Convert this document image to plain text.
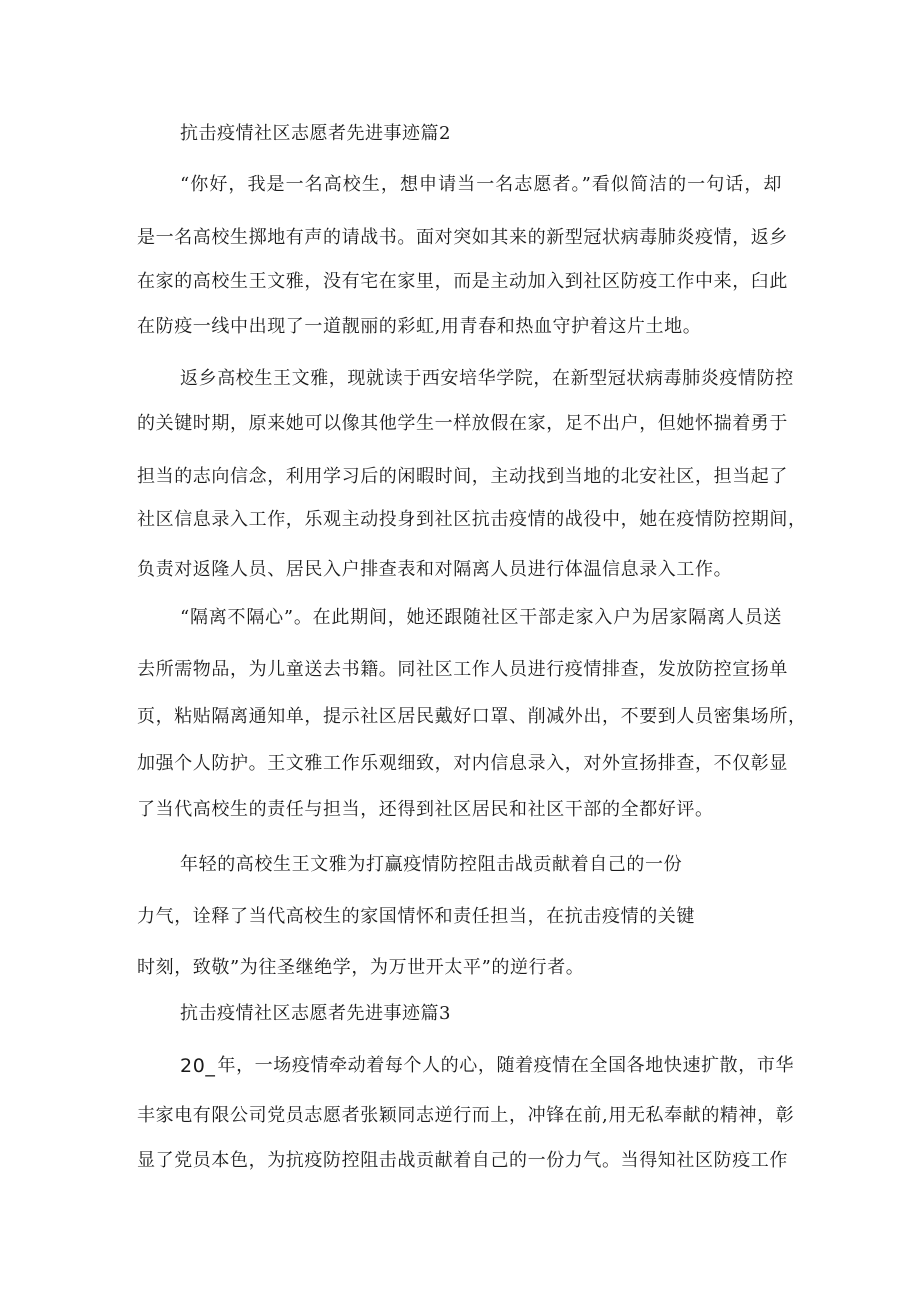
抗击疫情社区志愿者先进事迹篇2
“你好，我是一名高校生，想申请当一名志愿者。”看似简洁的一句话，却
是一名高校生掷地有声的请战书。面对突如其来的新型冠状病毒肺炎疫情，返乡
在家的高校生王文雅，没有宅在家里，而是主动加入到社区防疫工作中来，臼此
在防疫一线中出现了一道靓丽的彩虹,用青春和热血守护着这片土地。
返乡高校生王文雅，现就读于西安培华学院，在新型冠状病毒肺炎疫情防控
的关键时期，原来她可以像其他学生一样放假在家，足不出户，但她怀揣着勇于
担当的志向信念，利用学习后的闲暇时间，主动找到当地的北安社区，担当起了
社区信息录入工作，乐观主动投身到社区抗击疫情的战役中，她在疫情防控期间，
负责对返隆人员、居民入户排查表和对隔离人员进行体温信息录入工作。
“隔离不隔心”。在此期间，她还跟随社区干部走家入户为居家隔离人员送
去所需物品，为儿童送去书籍。同社区工作人员进行疫情排查，发放防控宣扬单
页，粘贴隔离通知单，提示社区居民戴好口罩、削减外出，不要到人员密集场所，
加强个人防护。王文雅工作乐观细致，对内信息录入，对外宣扬排查，不仅彰显
了当代高校生的责任与担当，还得到社区居民和社区干部的全都好评。
年轻的高校生王文雅为打赢疫情防控阻击战贡献着自己的一份
力气，诠释了当代高校生的家国情怀和责任担当，在抗击疫情的关键
时刻，致敬”为往圣继绝学，为万世开太平”的逆行者。
抗击疫情社区志愿者先进事迹篇3
20_ 年，一场疫情牵动着每个人的心，随着疫情在全国各地快速扩散，市华
丰家电有限公司党员志愿者张颖同志逆行而上，冲锋在前,用无私奉献的精神，彰
显了党员本色，为抗疫防控阻击战贡献着自己的一份力气。当得知社区防疫工作
